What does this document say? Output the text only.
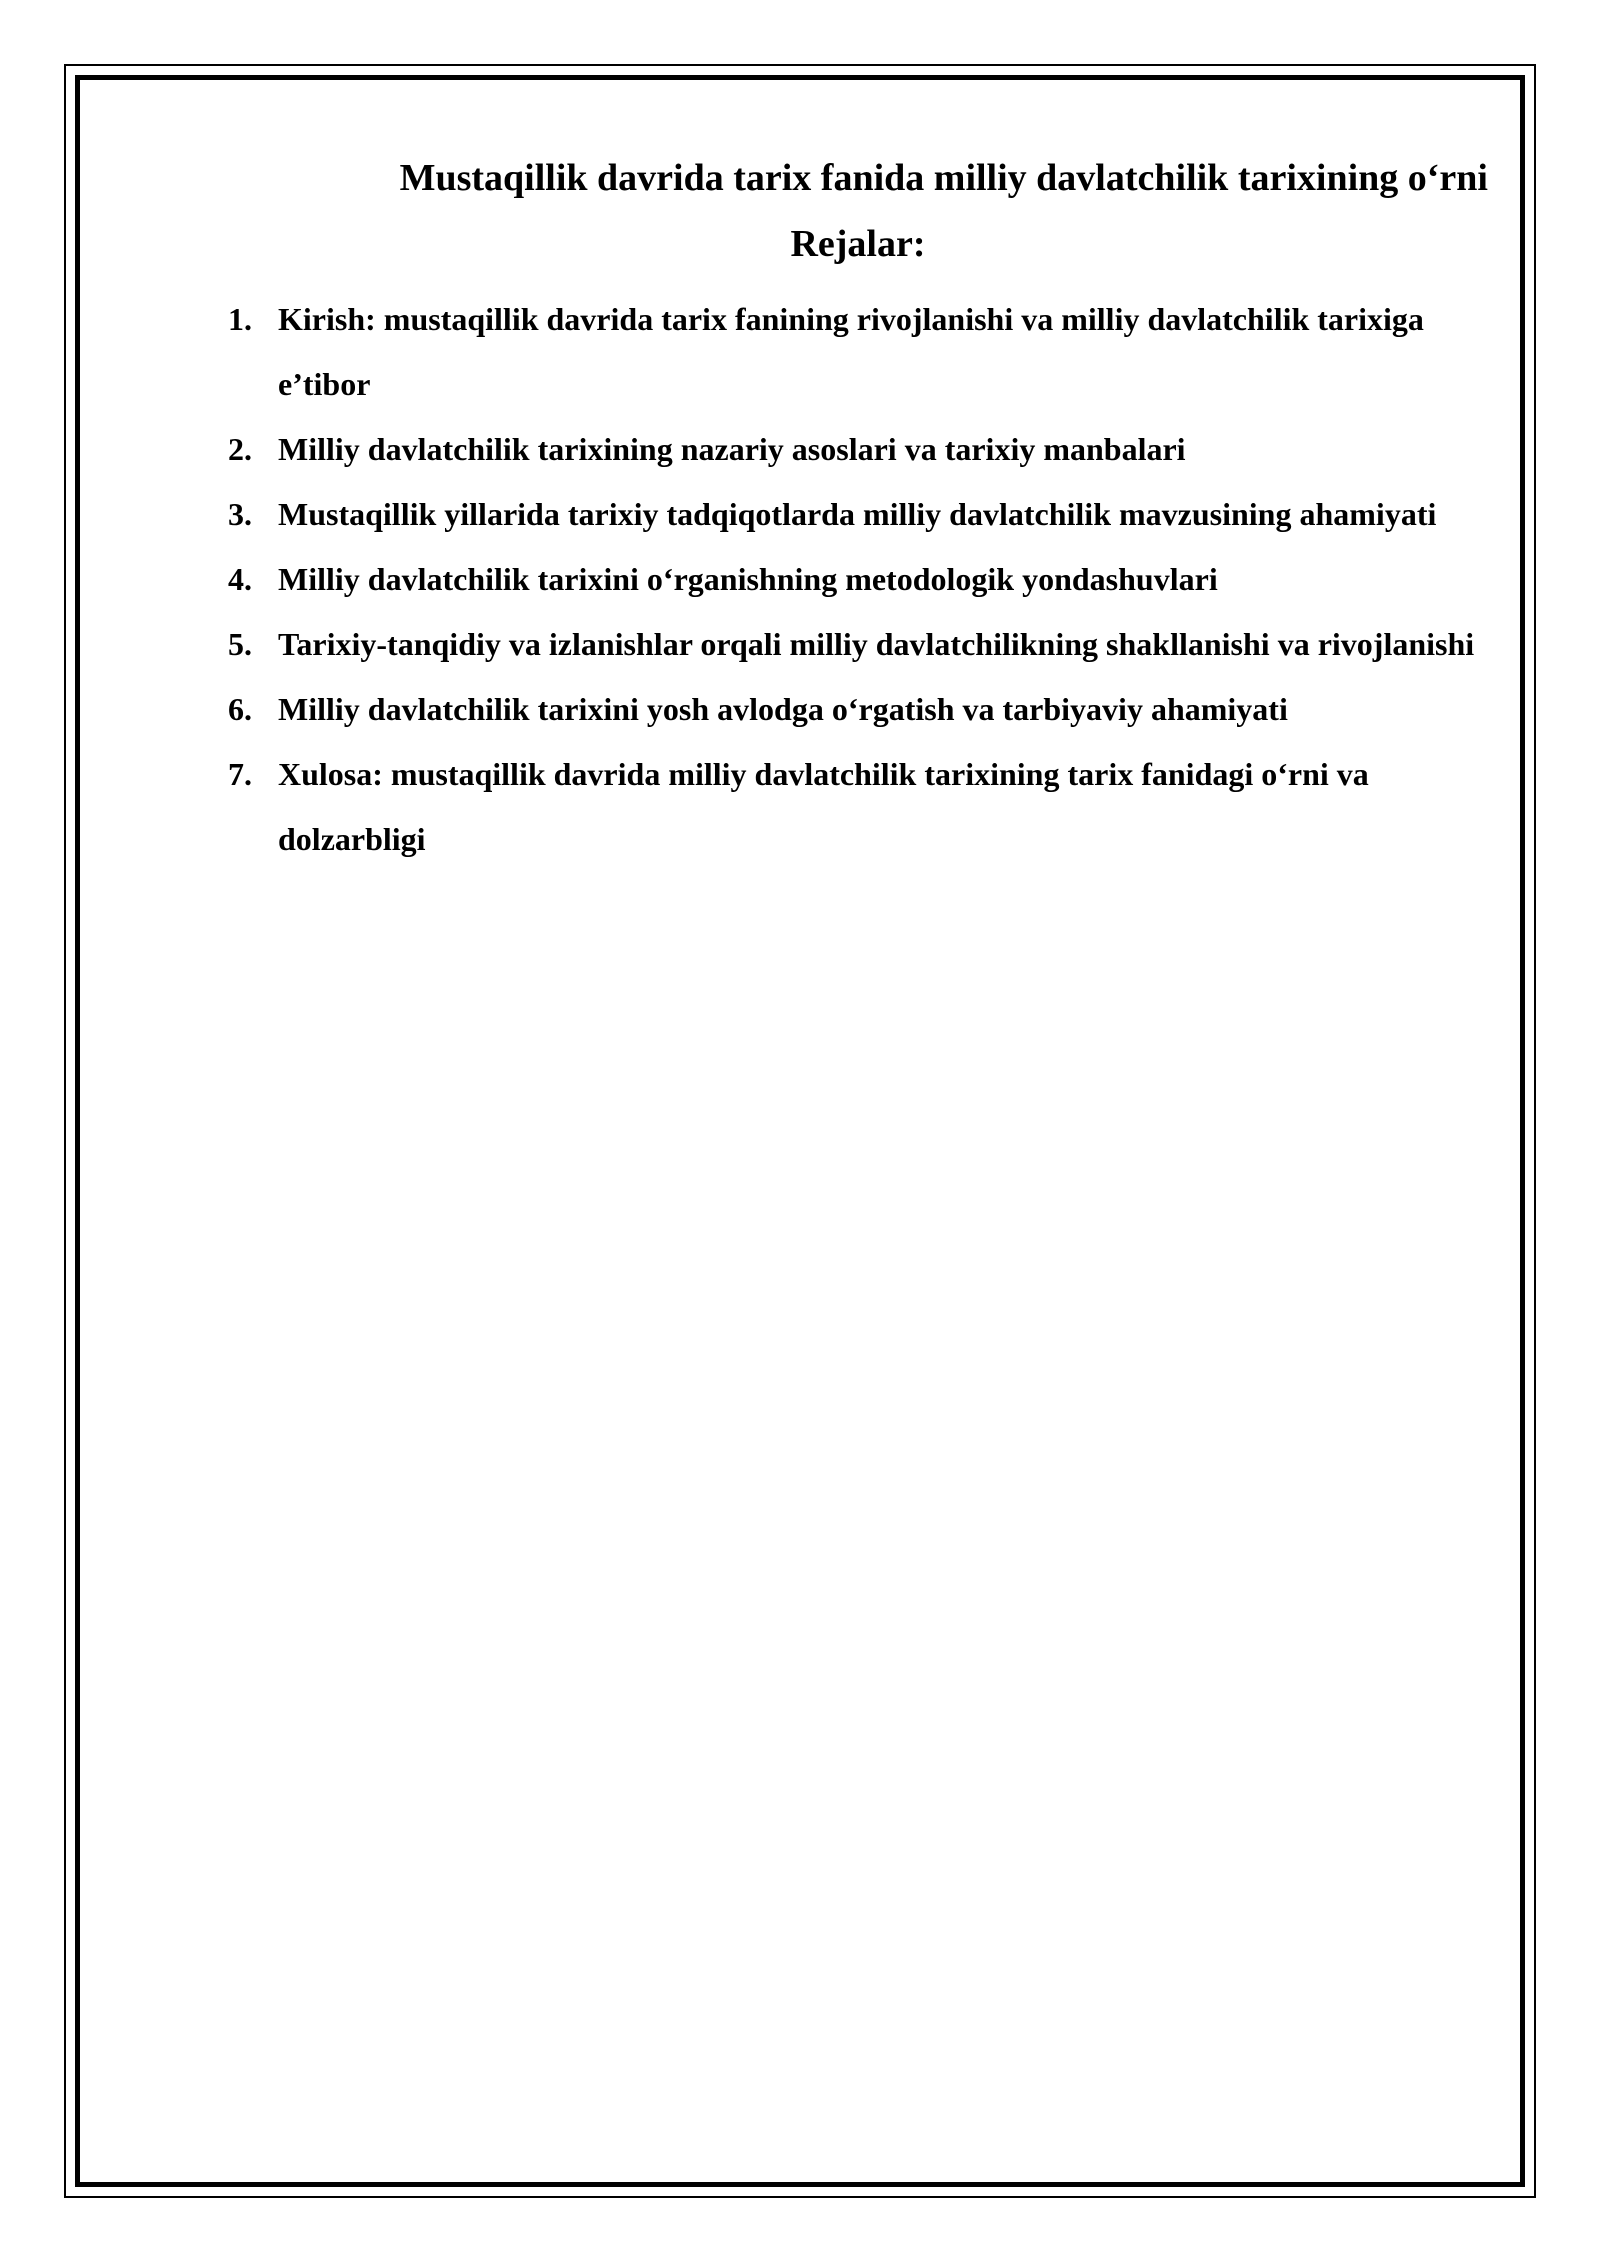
Mustaqillik davrida tarix fanida milliy davlatchilik tarixining o‘rni
Rejalar:
1. Kirish: mustaqillik davrida tarix fanining rivojlanishi va milliy davlatchilik tarixiga e’tibor
2. Milliy davlatchilik tarixining nazariy asoslari va tarixiy manbalari
3. Mustaqillik yillarida tarixiy tadqiqotlarda milliy davlatchilik mavzusining ahamiyati
4. Milliy davlatchilik tarixini o‘rganishning metodologik yondashuvlari
5. Tarixiy-tanqidiy va izlanishlar orqali milliy davlatchilikning shakllanishi va rivojlanishi
6. Milliy davlatchilik tarixini yosh avlodga o‘rgatish va tarbiyaviy ahamiyati
7. Xulosa: mustaqillik davrida milliy davlatchilik tarixining tarix fanidagi o‘rni va dolzarbligi
